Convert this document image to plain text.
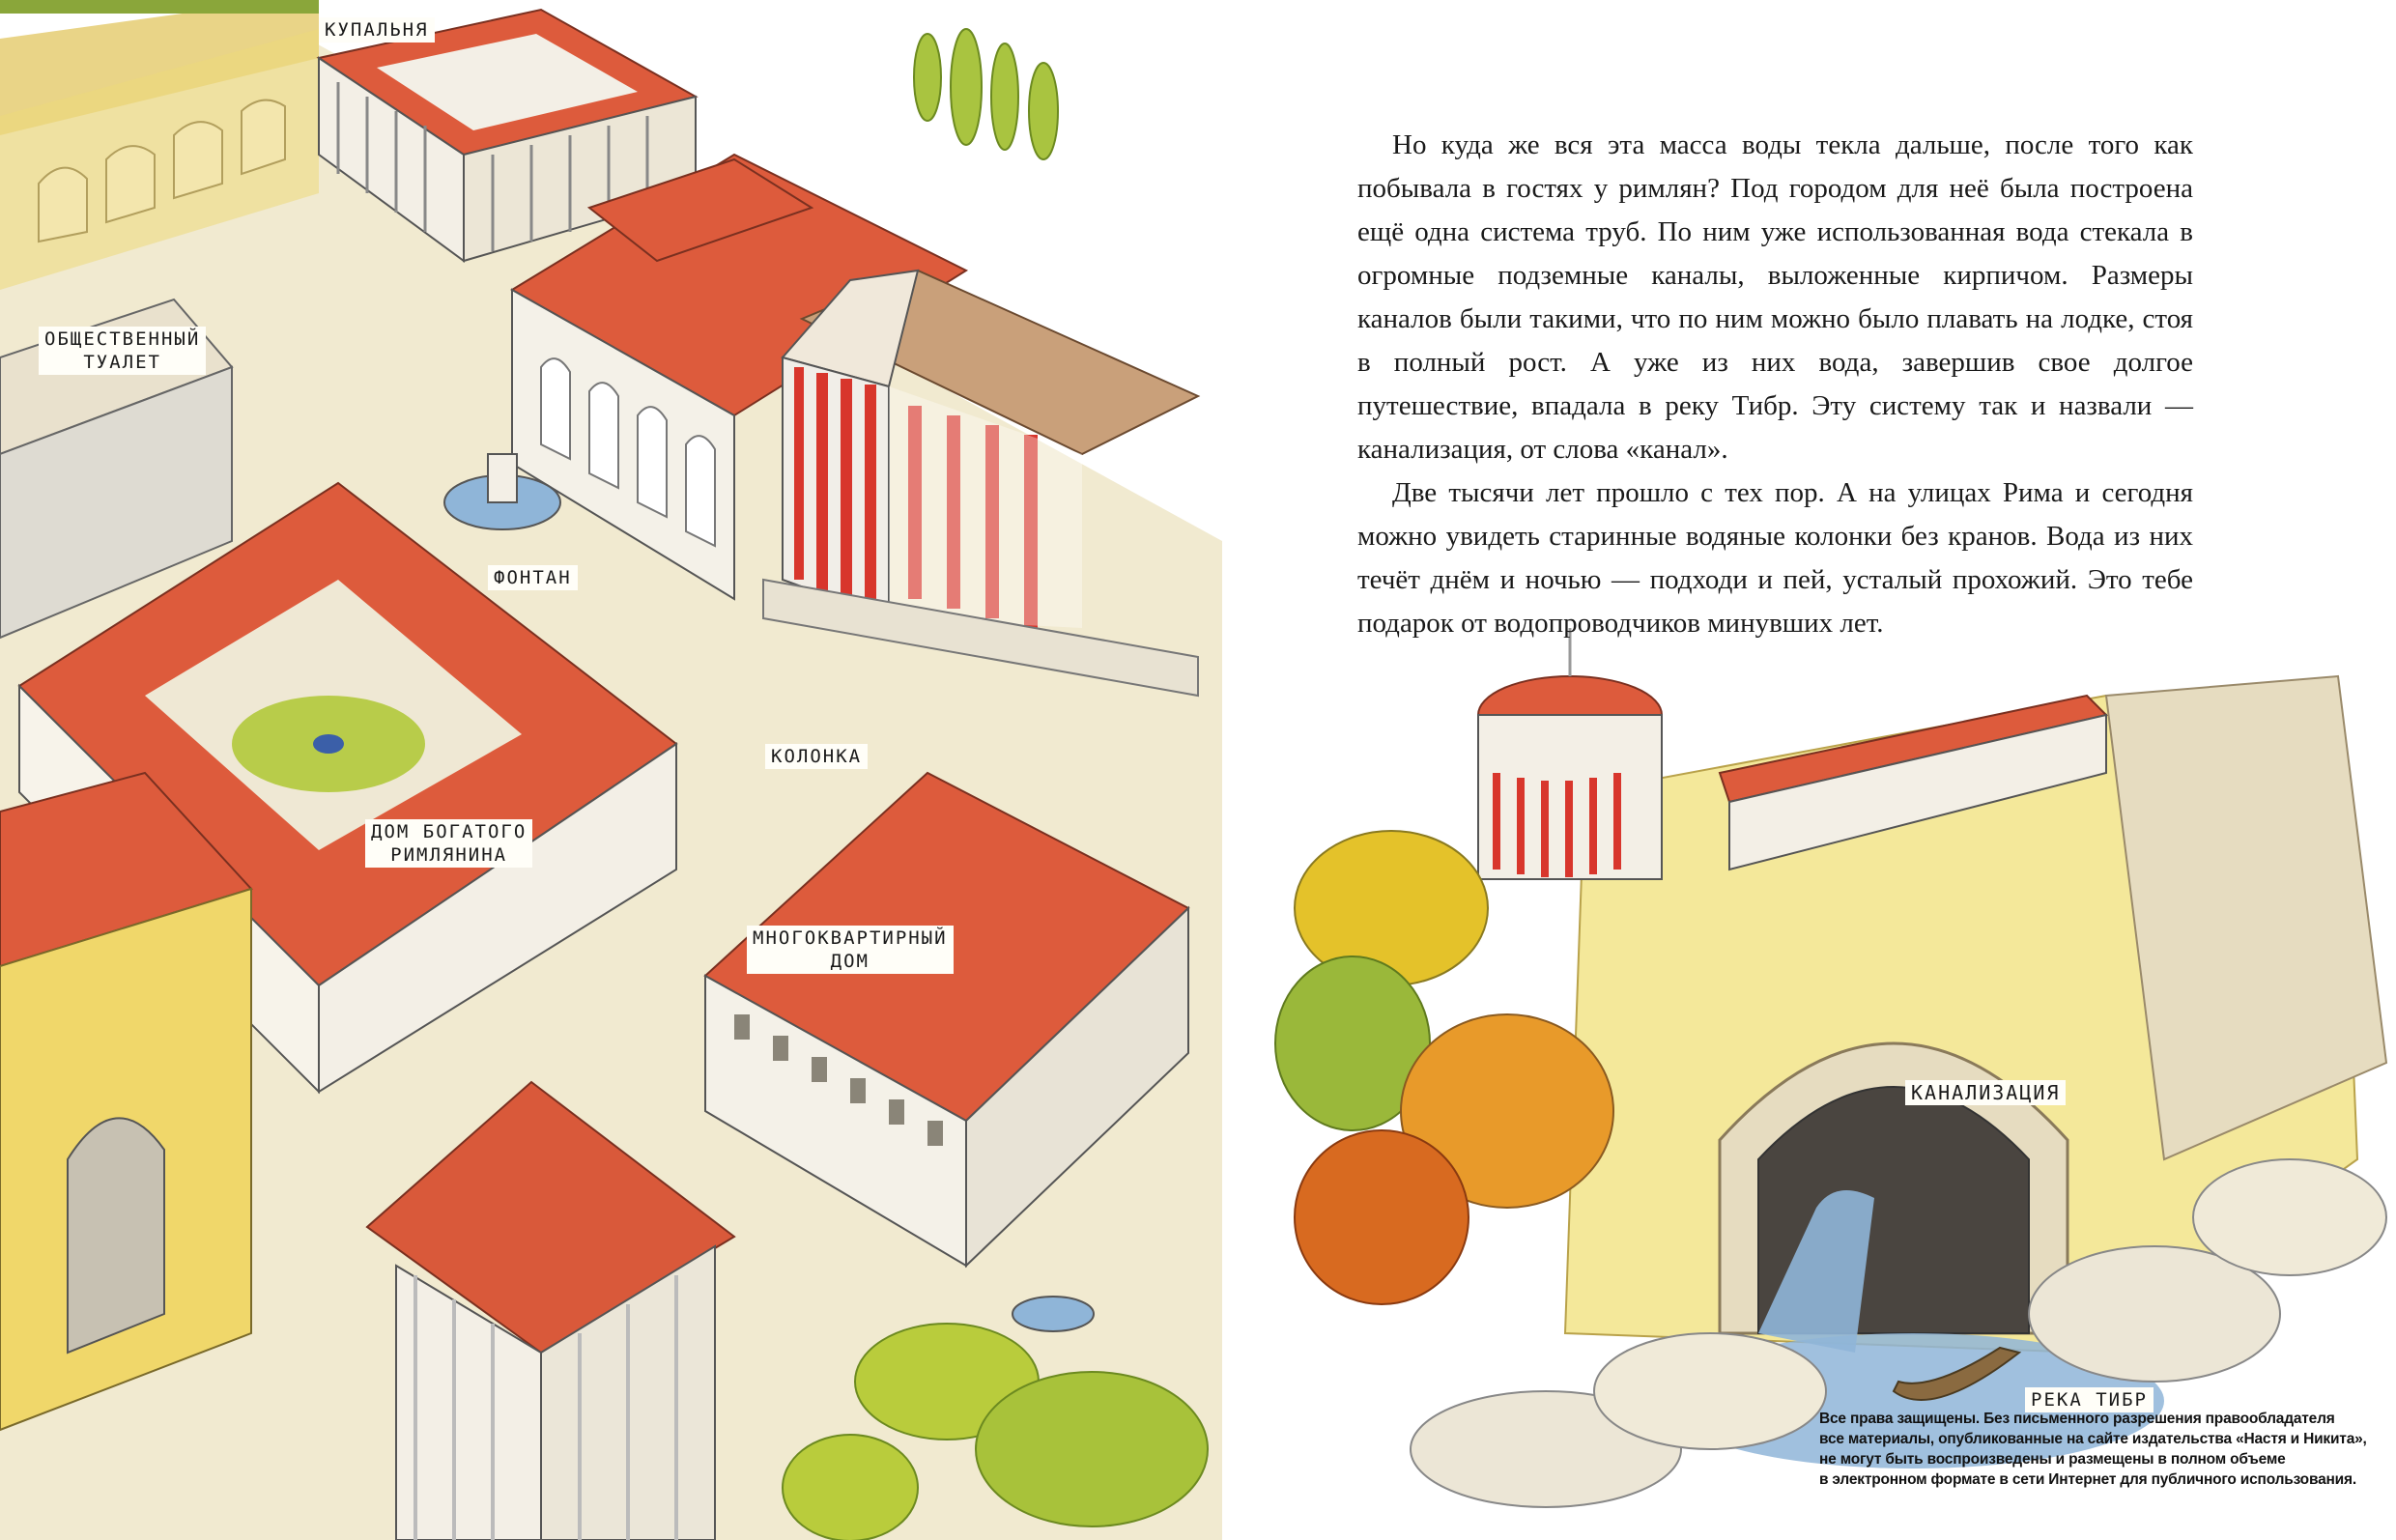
КУПАЛЬНЯ
ОБЩЕСТВЕННЫЙ
ТУАЛЕТ
ФОНТАН
КОЛОНКА
ДОМ БОГАТОГО
РИМЛЯНИНА
МНОГОКВАРТИРНЫЙ
ДОМ
КАНАЛИЗАЦИЯ
РЕКА ТИБР

Но куда же вся эта масса воды текла дальше, после того как побывала в гостях у римлян? Под городом для неё была построена ещё одна система труб. По ним уже использованная вода стекала в огромные подземные каналы, выложенные кирпичом. Размеры каналов были такими, что по ним можно было плавать на лодке, стоя в полный рост. А уже из них вода, завершив свое долгое путешествие, впадала в реку Тибр. Эту систему так и назвали — канализация, от слова «канал».

Две тысячи лет прошло с тех пор. А на улицах Рима и сегодня можно увидеть старинные водяные колонки без кранов. Вода из них течёт днём и ночью — подходи и пей, усталый прохожий. Это тебе подарок от водопроводчиков минувших лет.

Все права защищены. Без письменного разрешения правообладателя
все материалы, опубликованные на сайте издательства «Настя и Никита»,
не могут быть воспроизведены и размещены в полном объеме
в электронном формате в сети Интернет для публичного использования.
